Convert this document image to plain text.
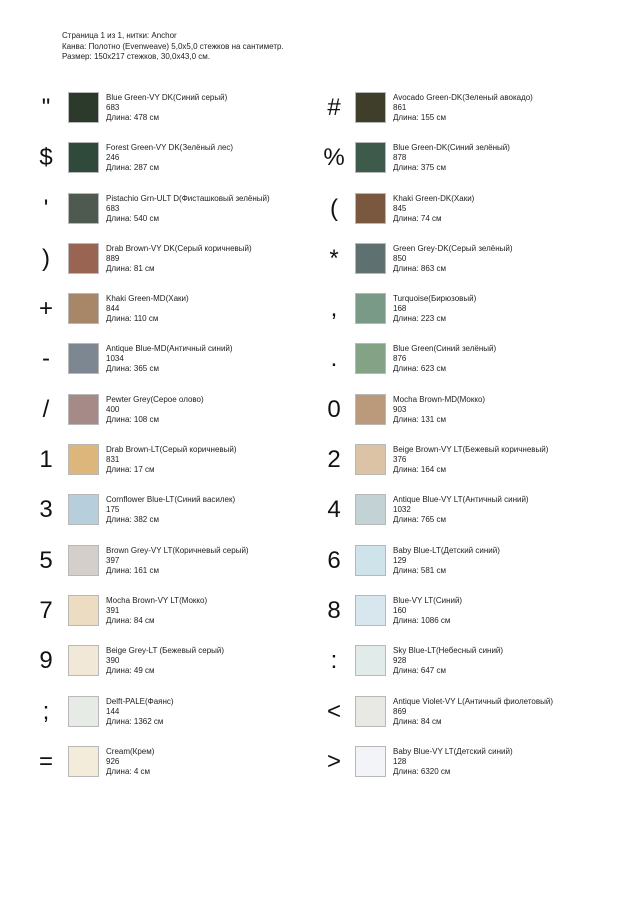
Страница 1 из 1, нитки: Anchor
Канва: Полотно (Evenweave) 5,0x5,0 стежков на сантиметр.
Размер: 150x217 стежков, 30,0x43,0 см.
"	Blue Green-VY DK(Синий серый)
683
Длина: 478 см	#	Avocado Green-DK(Зеленый авокадо)
861
Длина: 155 см
$	Forest Green-VY DK(Зелёный лес)
246
Длина: 287 см	%	Blue Green-DK(Синий зелёный)
878
Длина: 375 см
'	Pistachio Grn-ULT D(Фисташковый зелёный)
683
Длина: 540 см	(	Khaki Green-DK(Хаки)
845
Длина: 74 см
)	Drab Brown-VY DK(Серый коричневый)
889
Длина: 81 см	*	Green Grey-DK(Серый зелёный)
850
Длина: 863 см
+	Khaki Green-MD(Хаки)
844
Длина: 110 см	,	Turquoise(Бирюзовый)
168
Длина: 223 см
-	Antique Blue-MD(Античный синий)
1034
Длина: 365 см	.	Blue Green(Синий зелёный)
876
Длина: 623 см
/	Pewter Grey(Серое олово)
400
Длина: 108 см	0	Mocha Brown-MD(Мокко)
903
Длина: 131 см
1	Drab Brown-LT(Серый коричневый)
831
Длина: 17 см	2	Beige Brown-VY LT(Бежевый коричневый)
376
Длина: 164 см
3	Cornflower Blue-LT(Синий василек)
175
Длина: 382 см	4	Antique Blue-VY LT(Античный синий)
1032
Длина: 765 см
5	Brown Grey-VY LT(Коричневый серый)
397
Длина: 161 см	6	Baby Blue-LT(Детский синий)
129
Длина: 581 см
7	Mocha Brown-VY LT(Мокко)
391
Длина: 84 см	8	Blue-VY LT(Синий)
160
Длина: 1086 см
9	Beige Grey-LT (Бежевый серый)
390
Длина: 49 см	:	Sky Blue-LT(Небесный синий)
928
Длина: 647 см
;	Delft-PALE(Фаянс)
144
Длина: 1362 см	<	Antique Violet-VY L(Античный фиолетовый)
869
Длина: 84 см
=	Cream(Крем)
926
Длина: 4 см	>	Baby Blue-VY LT(Детский синий)
128
Длина: 6320 см
